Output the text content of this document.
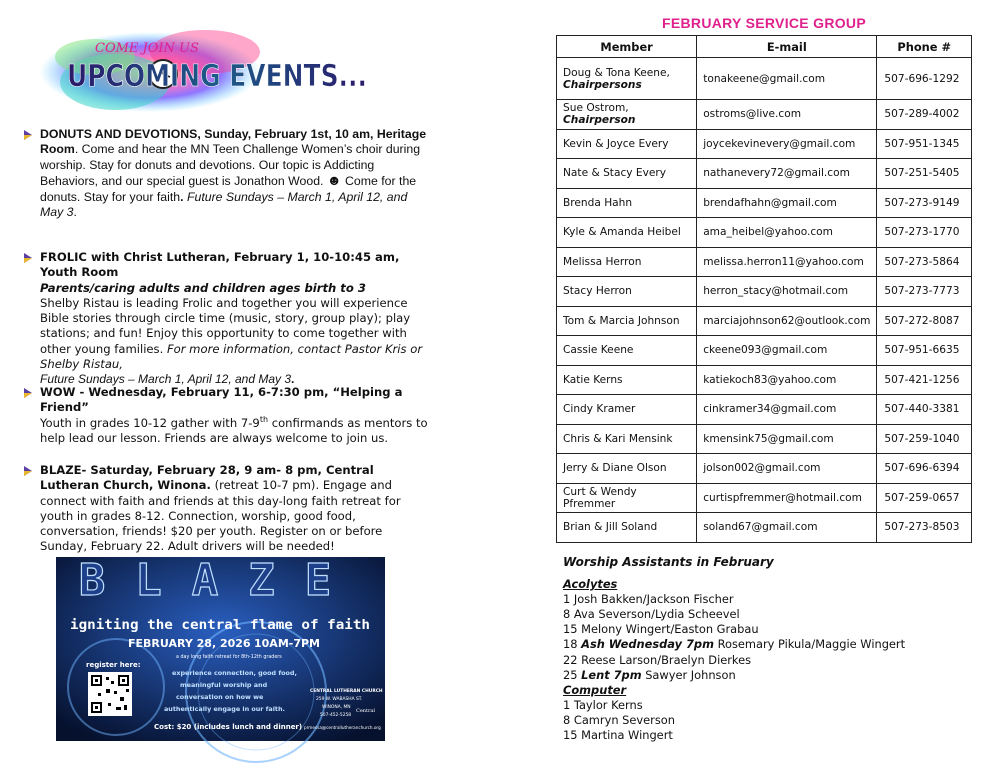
COME JOIN US
UPCOMING EVENTS...
DONUTS AND DEVOTIONS, Sunday, February 1st, 10 am, Heritage Room. Come and hear the MN Teen Challenge Women’s choir during worship. Stay for donuts and devotions. Our topic is Addicting Behaviors, and our special guest is Jonathon Wood. ☻ Come for the donuts. Stay for your faith. Future Sundays – March 1, April 12, and May 3.
FROLIC with Christ Lutheran, February 1, 10-10:45 am, Youth Room
Parents/caring adults and children ages birth to 3
Shelby Ristau is leading Frolic and together you will experience Bible stories through circle time (music, story, group play); play stations; and fun! Enjoy this opportunity to come together with other young families. For more information, contact Pastor Kris or Shelby Ristau,
Future Sundays – March 1, April 12, and May 3.
WOW - Wednesday, February 11, 6-7:30 pm, “Helping a Friend”
Youth in grades 10-12 gather with 7-9th confirmands as mentors to help lead our lesson. Friends are always welcome to join us.
BLAZE- Saturday, February 28, 9 am- 8 pm, Central Lutheran Church, Winona. (retreat 10-7 pm). Engage and connect with faith and friends at this day-long faith retreat for youth in grades 8-12. Connection, worship, good food, conversation, friends! $20 per youth. Register on or before Sunday, February 22. Adult drivers will be needed!
BLAZE
igniting the central flame of faith
FEBRUARY 28, 2026 10AM-7PM
a day long faith retreat for 8th-12th graders
register here:
experience connection, good food,
meaningful worship and
conversation on how we
authentically engage in our faith.
Cost: $20 (includes lunch and dinner)
CENTRAL LUTHERAN CHURCH
259 W. WABASHA ST.
WINONA, MN
507-452-5258
Central
prmessa@centrallutheranchurch.org
FEBRUARY SERVICE GROUP
Member	E-mail	Phone #
Doug & Tona Keene,
Chairpersons	tonakeene@gmail.com	507-696-1292
Sue Ostrom, Chairperson	ostroms@live.com	507-289-4002
Kevin & Joyce Every	joycekevinevery@gmail.com	507-951-1345
Nate & Stacy Every	nathanevery72@gmail.com	507-251-5405
Brenda Hahn	brendafhahn@gmail.com	507-273-9149
Kyle & Amanda Heibel	ama_heibel@yahoo.com	507-273-1770
Melissa Herron	melissa.herron11@yahoo.com	507-273-5864
Stacy Herron	herron_stacy@hotmail.com	507-273-7773
Tom & Marcia Johnson	marciajohnson62@outlook.com	507-272-8087
Cassie Keene	ckeene093@gmail.com	507-951-6635
Katie Kerns	katiekoch83@yahoo.com	507-421-1256
Cindy Kramer	cinkramer34@gmail.com	507-440-3381
Chris & Kari Mensink	kmensink75@gmail.com	507-259-1040
Jerry & Diane Olson	jolson002@gmail.com	507-696-6394
Curt & Wendy Pfremmer	curtispfremmer@hotmail.com	507-259-0657
Brian & Jill Soland	soland67@gmail.com	507-273-8503
Worship Assistants in February
Acolytes
1 Josh Bakken/Jackson Fischer
8 Ava Severson/Lydia Scheevel
15 Melony Wingert/Easton Grabau
18 Ash Wednesday 7pm Rosemary Pikula/Maggie Wingert
22 Reese Larson/Braelyn Dierkes
25 Lent 7pm Sawyer Johnson
Computer
1 Taylor Kerns
8 Camryn Severson
15 Martina Wingert
